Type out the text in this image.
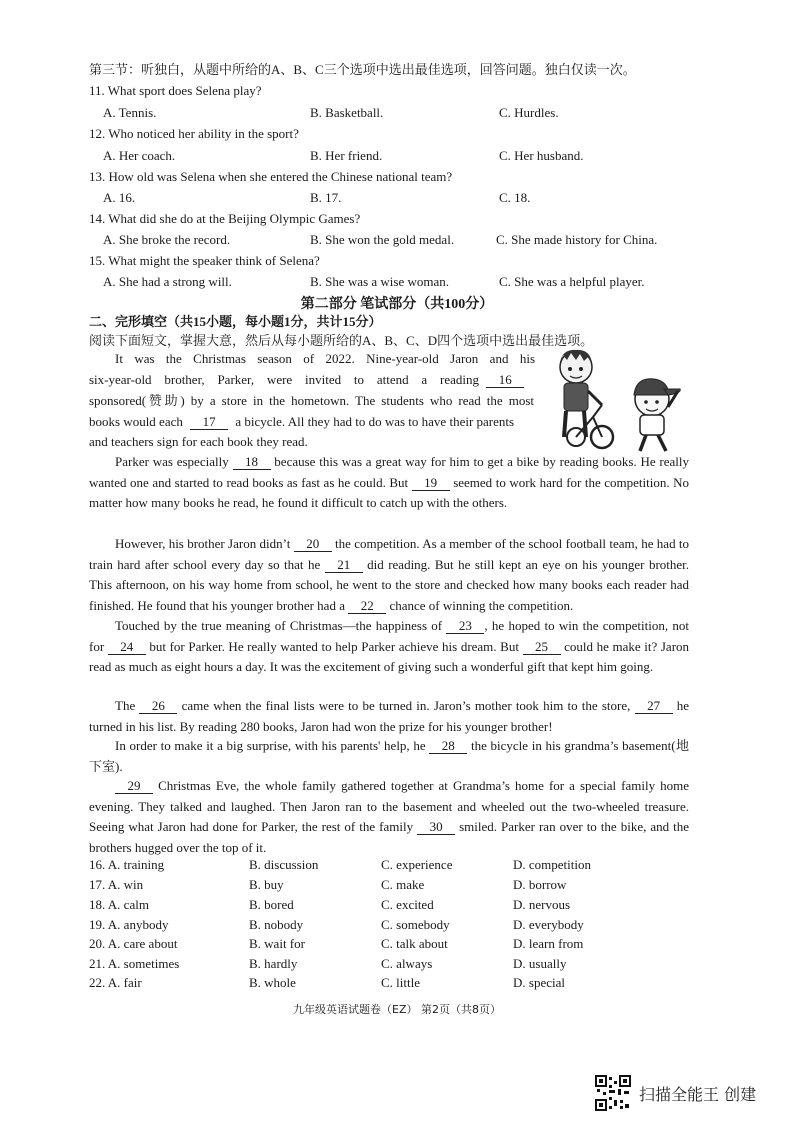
第三节：听独白，从题中所给的A、B、C三个选项中选出最佳选项，回答问题。独白仅读一次。
11. What sport does Selena play?
A. Tennis.	B. Basketball.	C. Hurdles.
12. Who noticed her ability in the sport?
A. Her coach.	B. Her friend.	C. Her husband.
13. How old was Selena when she entered the Chinese national team?
A. 16.	B. 17.	C. 18.
14. What did she do at the Beijing Olympic Games?
A. She broke the record.	B. She won the gold medal.	C. She made history for China.
15. What might the speaker think of Selena?
A. She had a strong will.	B. She was a wise woman.	C. She was a helpful player.
第二部分 笔试部分（共100分）
二、完形填空（共15小题，每小题1分，共计15分）
阅读下面短文，掌握大意，然后从每小题所给的A、B、C、D四个选项中选出最佳选项。
It was the Christmas season of 2022. Nine-year-old Jaron and his
six-year-old brother, Parker, were invited to attend a reading 16
sponsored(赞助) by a store in the hometown. The students who read the most
books would each 17 a bicycle. All they had to do was to have their parents
and teachers sign for each book they read.
Parker was especially 18 because this was a great way for him to get a bike by reading books. He really wanted one and started to read books as fast as he could. But 19 seemed to work hard for the competition. No matter how many books he read, he found it difficult to catch up with the others.
However, his brother Jaron didn’t 20 the competition. As a member of the school football team, he had to train hard after school every day so that he 21 did reading. But he still kept an eye on his younger brother. This afternoon, on his way home from school, he went to the store and checked how many books each reader had finished. He found that his younger brother had a 22 chance of winning the competition.
Touched by the true meaning of Christmas—the happiness of 23 , he hoped to win the competition, not for 24 but for Parker. He really wanted to help Parker achieve his dream. But 25 could he make it? Jaron read as much as eight hours a day. It was the excitement of giving such a wonderful gift that kept him going.
The 26 came when the final lists were to be turned in. Jaron’s mother took him to the store, 27 he turned in his list. By reading 280 books, Jaron had won the prize for his younger brother!
In order to make it a big surprise, with his parents' help, he 28 the bicycle in his grandma’s basement(地下室).
29 Christmas Eve, the whole family gathered together at Grandma’s home for a special family home evening. They talked and laughed. Then Jaron ran to the basement and wheeled out the two-wheeled treasure. Seeing what Jaron had done for Parker, the rest of the family 30 smiled. Parker ran over to the bike, and the brothers hugged over the top of it.
16. A. training	B. discussion	C. experience	D. competition
17. A. win	B. buy	C. make	D. borrow
18. A. calm	B. bored	C. excited	D. nervous
19. A. anybody	B. nobody	C. somebody	D. everybody
20. A. care about	B. wait for	C. talk about	D. learn from
21. A. sometimes	B. hardly	C. always	D. usually
22. A. fair	B. whole	C. little	D. special
九年级英语试题卷（EZ） 第2页（共8页）
扫描全能王 创建
